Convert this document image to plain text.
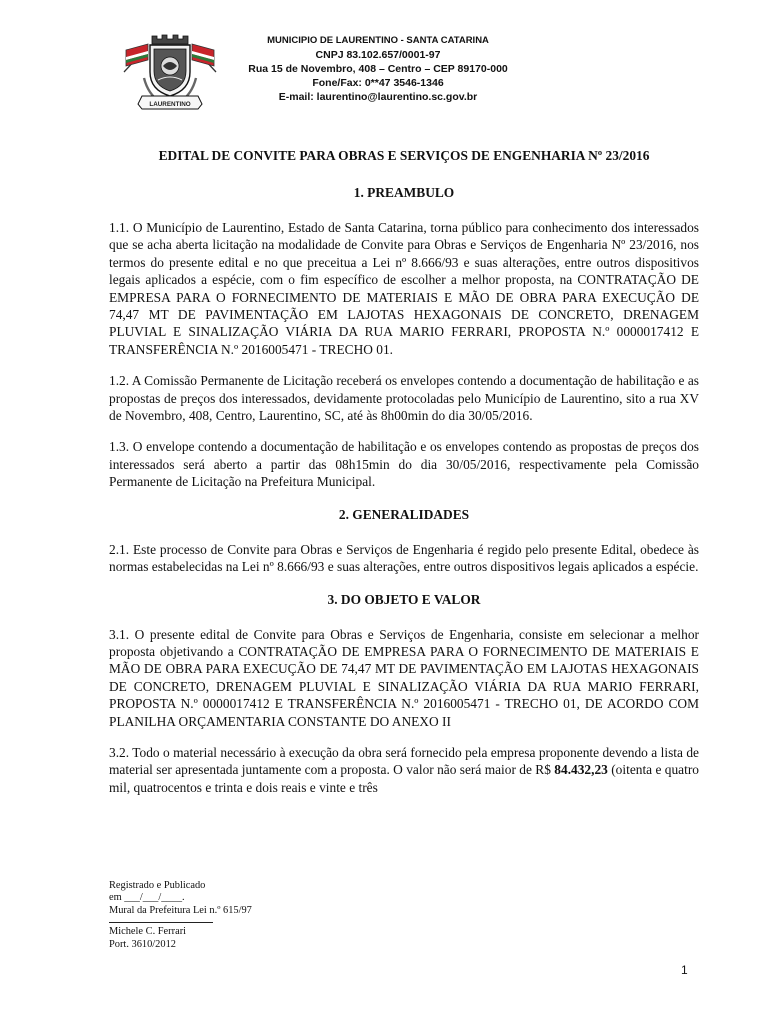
LAURENTINO
MUNICIPIO DE LAURENTINO - SANTA CATARINA
CNPJ 83.102.657/0001-97
Rua 15 de Novembro, 408 – Centro – CEP 89170-000
Fone/Fax: 0**47 3546-1346
E-mail: laurentino@laurentino.sc.gov.br
EDITAL DE CONVITE PARA OBRAS E SERVIÇOS DE ENGENHARIA Nº 23/2016
1. PREAMBULO

1.1. O Município de Laurentino, Estado de Santa Catarina, torna público para conhecimento dos interessados que se acha aberta licitação na modalidade de Convite para Obras e Serviços de Engenharia Nº 23/2016, nos termos do presente edital e no que preceitua a Lei nº 8.666/93 e suas alterações, entre outros dispositivos legais aplicados a espécie, com o fim específico de escolher a melhor proposta, na CONTRATAÇÃO DE EMPRESA PARA O FORNECIMENTO DE MATERIAIS E MÃO DE OBRA PARA EXECUÇÃO DE 74,47 MT DE PAVIMENTAÇÃO EM LAJOTAS HEXAGONAIS DE CONCRETO, DRENAGEM PLUVIAL E SINALIZAÇÃO VIÁRIA DA RUA MARIO FERRARI, PROPOSTA N.º 0000017412 E TRANSFERÊNCIA N.º 2016005471 - TRECHO 01.

1.2. A Comissão Permanente de Licitação receberá os envelopes contendo a documentação de habilitação e as propostas de preços dos interessados, devidamente protocoladas pelo Município de Laurentino, sito a rua XV de Novembro, 408, Centro, Laurentino, SC, até às 8h00min do dia 30/05/2016.

1.3. O envelope contendo a documentação de habilitação e os envelopes contendo as propostas de preços dos interessados será aberto a partir das 08h15min do dia 30/05/2016, respectivamente pela Comissão Permanente de Licitação na Prefeitura Municipal.

2. GENERALIDADES

2.1. Este processo de Convite para Obras e Serviços de Engenharia é regido pelo presente Edital, obedece às normas estabelecidas na Lei nº 8.666/93 e suas alterações, entre outros dispositivos legais aplicados a espécie.

3. DO OBJETO E VALOR

3.1. O presente edital de Convite para Obras e Serviços de Engenharia, consiste em selecionar a melhor proposta objetivando a CONTRATAÇÃO DE EMPRESA PARA O FORNECIMENTO DE MATERIAIS E MÃO DE OBRA PARA EXECUÇÃO DE 74,47 MT DE PAVIMENTAÇÃO EM LAJOTAS HEXAGONAIS DE CONCRETO, DRENAGEM PLUVIAL E SINALIZAÇÃO VIÁRIA DA RUA MARIO FERRARI, PROPOSTA N.º 0000017412 E TRANSFERÊNCIA N.º 2016005471 - TRECHO 01, DE ACORDO COM PLANILHA ORÇAMENTARIA CONSTANTE DO ANEXO II

3.2. Todo o material necessário à execução da obra será fornecido pela empresa proponente devendo a lista de material ser apresentada juntamente com a proposta. O valor não será maior de R$ 84.432,23 (oitenta e quatro mil, quatrocentos e trinta e dois reais e vinte e três

Registrado e Publicado
em ___/___/____.
Mural da Prefeitura Lei n.º 615/97
Michele C. Ferrari
Port. 3610/2012
1
